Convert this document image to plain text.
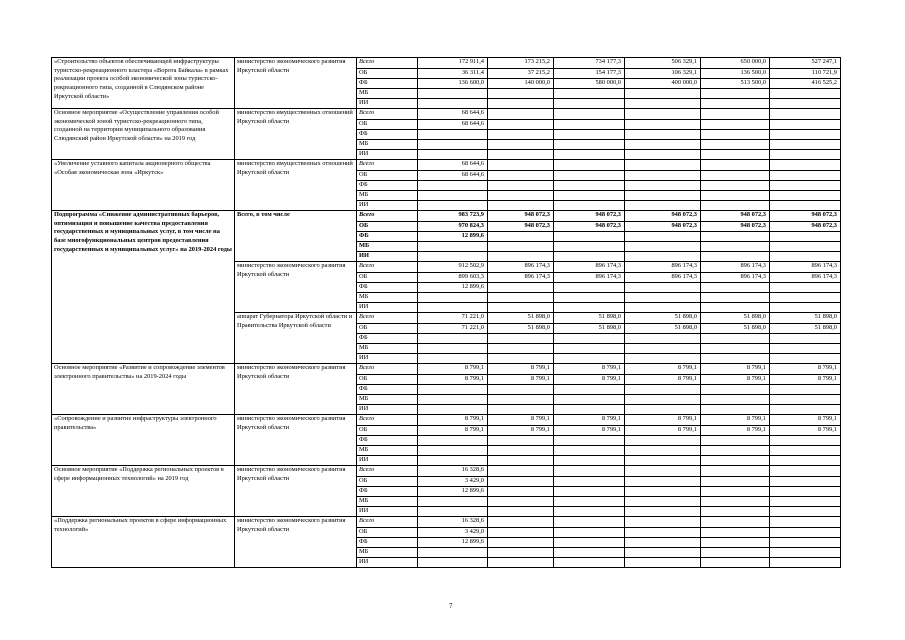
«Строительство объектов обеспечивающей инфраструктуры туристско-рекреационного кластера «Ворота Байкала» в рамках реализации проекта особой экономической зоны туристско-рекреационного типа, созданной в Слюдянском районе Иркутской области»	министерство экономического развития Иркутской области	Всего	172 911,4	173 215,2	734 177,3	506 329,1	650 000,0	527 247,1
		ОБ	36 311,4	37 215,2	154 177,3	106 329,1	136 500,0	110 721,9
		ФБ	136 600,0	140 000,0	580 000,0	400 000,0	513 500,0	416 525,2
		МБ						
		ИИ						
Основное мероприятие «Осуществление управления особой экономической зоной туристско-рекреационного типа, созданной на территории муниципального образования Слюдянский район Иркутской области» на 2019 год	министерство имущественных отношений Иркутской области	Всего	68 644,6					
		ОБ	68 644,6					
		ФБ						
		МБ						
		ИИ						
«Увеличение уставного капитала акционерного общества «Особая экономическая зона «Иркутск»	министерство имущественных отношений Иркутской области	Всего	68 644,6					
		ОБ	68 644,6					
		ФБ						
		МБ						
		ИИ						
Подпрограмма «Снижение административных барьеров, оптимизация и повышение качества предоставления государственных и муниципальных услуг, в том числе на базе многофункциональных центров предоставления государственных и муниципальных услуг» на 2019-2024 годы	Всего, в том числе	Всего	983 723,9	948 072,3	948 072,3	948 072,3	948 072,3	948 072,3
		ОБ	970 824,3	948 072,3	948 072,3	948 072,3	948 072,3	948 072,3
		ФБ	12 899,6					
		МБ						
		ИИ						
	министерство экономического развития Иркутской области	Всего	912 502,9	896 174,3	896 174,3	896 174,3	896 174,3	896 174,3
		ОБ	899 603,3	896 174,3	896 174,3	896 174,3	896 174,3	896 174,3
		ФБ	12 899,6					
		МБ						
		ИИ						
	аппарат Губернатора Иркутской области и Правительства Иркутской области	Всего	71 221,0	51 898,0	51 898,0	51 898,0	51 898,0	51 898,0
		ОБ	71 221,0	51 898,0	51 898,0	51 898,0	51 898,0	51 898,0
		ФБ						
		МБ						
		ИИ						
Основное мероприятие «Развитие и сопровождение элементов электронного правительства» на 2019-2024 годы	министерство экономического развития Иркутской области	Всего	8 799,1	8 799,1	8 799,1	8 799,1	8 799,1	8 799,1
		ОБ	8 799,1	8 799,1	8 799,1	8 799,1	8 799,1	8 799,1
		ФБ						
		МБ						
		ИИ						
«Сопровождение и развитие инфраструктуры электронного правительства»	министерство экономического развития Иркутской области	Всего	8 799,1	8 799,1	8 799,1	8 799,1	8 799,1	8 799,1
		ОБ	8 799,1	8 799,1	8 799,1	8 799,1	8 799,1	8 799,1
		ФБ						
		МБ						
		ИИ						
Основное мероприятие «Поддержка региональных проектов в сфере информационных технологий» на 2019 год	министерство экономического развития Иркутской области	Всего	16 328,6					
		ОБ	3 429,0					
		ФБ	12 899,6					
		МБ						
		ИИ						
«Поддержка региональных проектов в сфере информационных технологий»	министерство экономического развития Иркутской области	Всего	16 328,6					
		ОБ	3 429,0					
		ФБ	12 899,6					
		МБ						
		ИИ						
7
